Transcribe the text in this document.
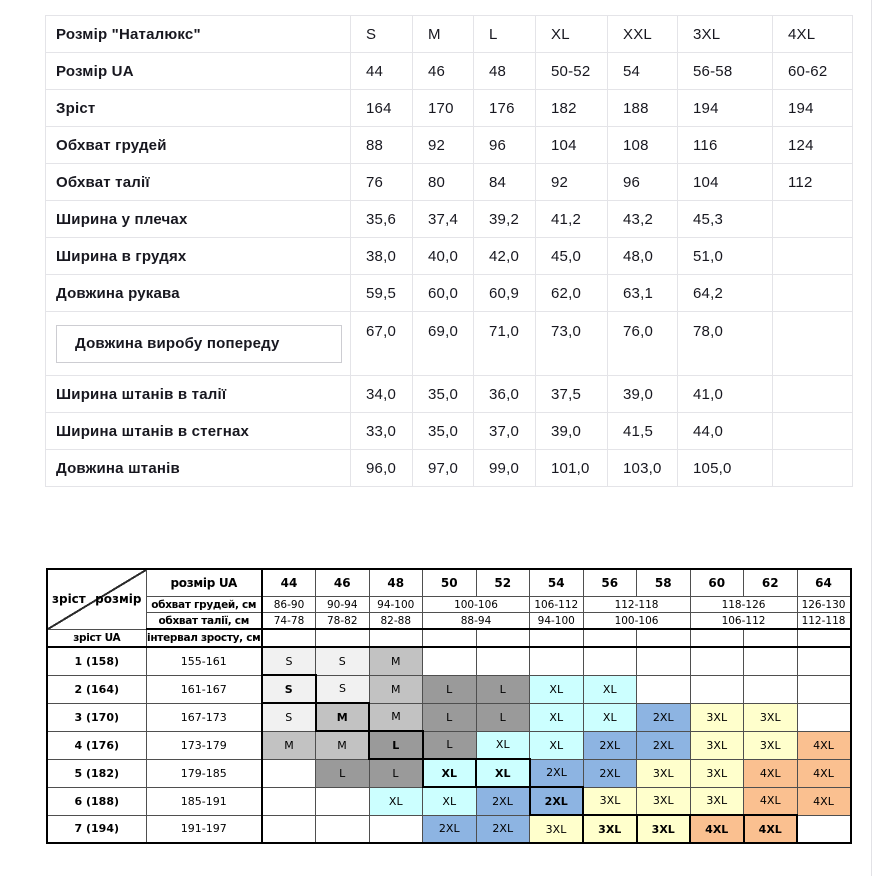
Розмір "Наталюкс"	S	M	L	XL	XXL	3XL	4XL
Розмір UA	44	46	48	50-52	54	56-58	60-62
Зріст	164	170	176	182	188	194	194
Обхват грудей	88	92	96	104	108	116	124
Обхват талії	76	80	84	92	96	104	112
Ширина у плечах	35,6	37,4	39,2	41,2	43,2	45,3	
Ширина в грудях	38,0	40,0	42,0	45,0	48,0	51,0	
Довжина рукава	59,5	60,0	60,9	62,0	63,1	64,2	

Довжина виробу попереду	67,0	69,0	71,0	73,0	76,0	78,0	
Ширина штанів в талії	34,0	35,0	36,0	37,5	39,0	41,0	
Ширина штанів в стегнах	33,0	35,0	37,0	39,0	41,5	44,0	
Довжина штанів	96,0	97,0	99,0	101,0	103,0	105,0	
зріст розмір	розмір UA	44	46	48	50	52	54	56	58	60	62	64
	обхват грудей, см	86-90	90-94	94-100	100-106		106-112	112-118		118-126		126-130
	обхват талії, см	74-78	78-82	82-88	88-94		94-100	100-106		106-112		112-118
зріст UA	інтервал зросту, см											
1 (158)	155-161	S	S	M								
2 (164)	161-167	S	S	M	L	L	XL	XL				
3 (170)	167-173	S	M	M	L	L	XL	XL	2XL	3XL	3XL	
4 (176)	173-179	M	M	L	L	XL	XL	2XL	2XL	3XL	3XL	4XL
5 (182)	179-185		L	L	XL	XL	2XL	2XL	3XL	3XL	4XL	4XL
6 (188)	185-191			XL	XL	2XL	2XL	3XL	3XL	3XL	4XL	4XL
7 (194)	191-197				2XL	2XL	3XL	3XL	3XL	4XL	4XL	
